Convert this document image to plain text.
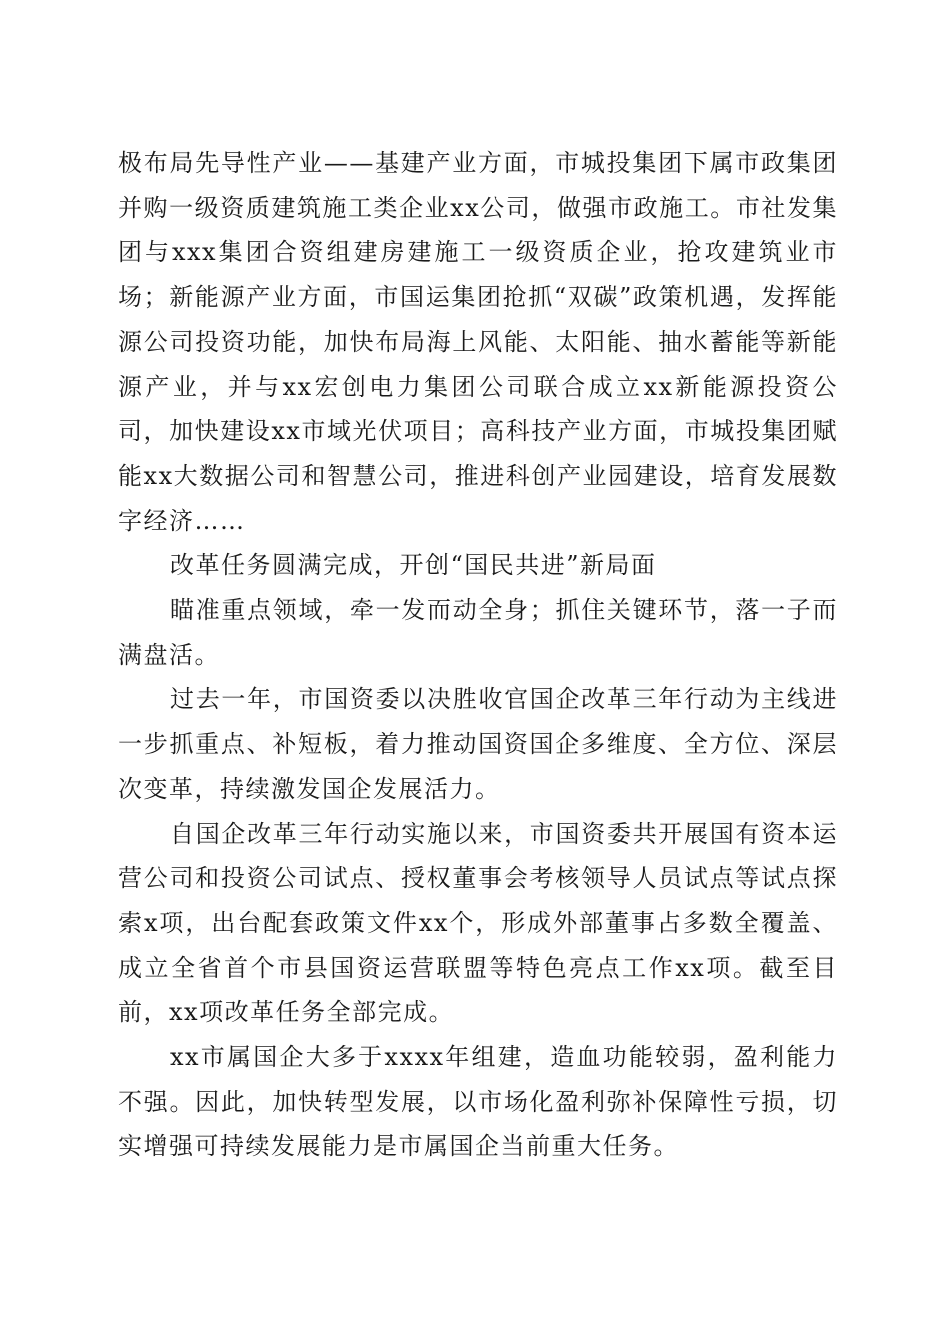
极布局先导性产业——基建产业方面，市城投集团下属市政集团并购一级资质建筑施工类企业xx公司，做强市政施工。市社发集团与xxx集团合资组建房建施工一级资质企业，抢攻建筑业市场；新能源产业方面，市国运集团抢抓“双碳”政策机遇，发挥能源公司投资功能，加快布局海上风能、太阳能、抽水蓄能等新能源产业，并与xx宏创电力集团公司联合成立xx新能源投资公司，加快建设xx市域光伏项目；高科技产业方面，市城投集团赋能xx大数据公司和智慧公司，推进科创产业园建设，培育发展数字经济……

改革任务圆满完成，开创“国民共进”新局面

瞄准重点领域，牵一发而动全身；抓住关键环节，落一子而满盘活。

过去一年，市国资委以决胜收官国企改革三年行动为主线进一步抓重点、补短板，着力推动国资国企多维度、全方位、深层次变革，持续激发国企发展活力。

自国企改革三年行动实施以来，市国资委共开展国有资本运营公司和投资公司试点、授权董事会考核领导人员试点等试点探索x项，出台配套政策文件xx个，形成外部董事占多数全覆盖、成立全省首个市县国资运营联盟等特色亮点工作xx项。截至目前，xx项改革任务全部完成。

xx市属国企大多于xxxx年组建，造血功能较弱，盈利能力不强。因此，加快转型发展，以市场化盈利弥补保障性亏损，切实增强可持续发展能力是市属国企当前重大任务。
